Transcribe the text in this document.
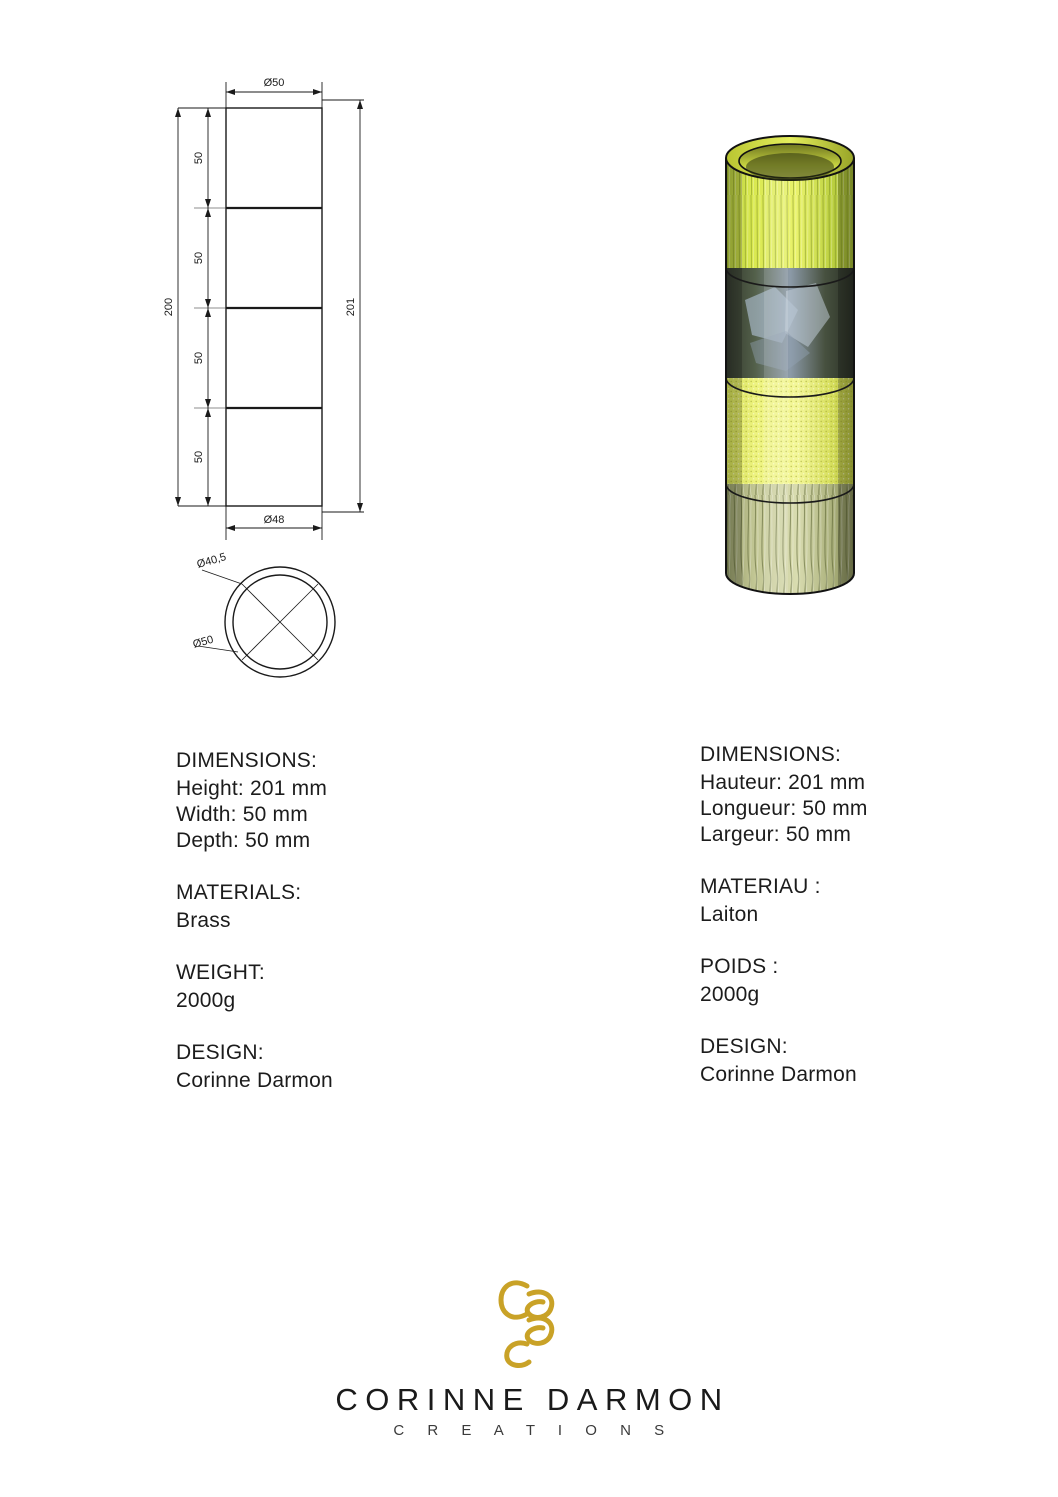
Ø50
Ø48
200	201
50
50
50
50
Ø40,5
Ø50

DIMENSIONS:

Height: 201 mm

Width: 50 mm

Depth: 50 mm

MATERIALS:

Brass

WEIGHT:

2000g

DESIGN:

Corinne Darmon

DIMENSIONS:

Hauteur: 201 mm

Longueur: 50 mm

Largeur: 50 mm

MATERIAU :

Laiton

POIDS :

2000g

DESIGN:

Corinne Darmon

CORINNE DARMON

C R E A T I O N S
